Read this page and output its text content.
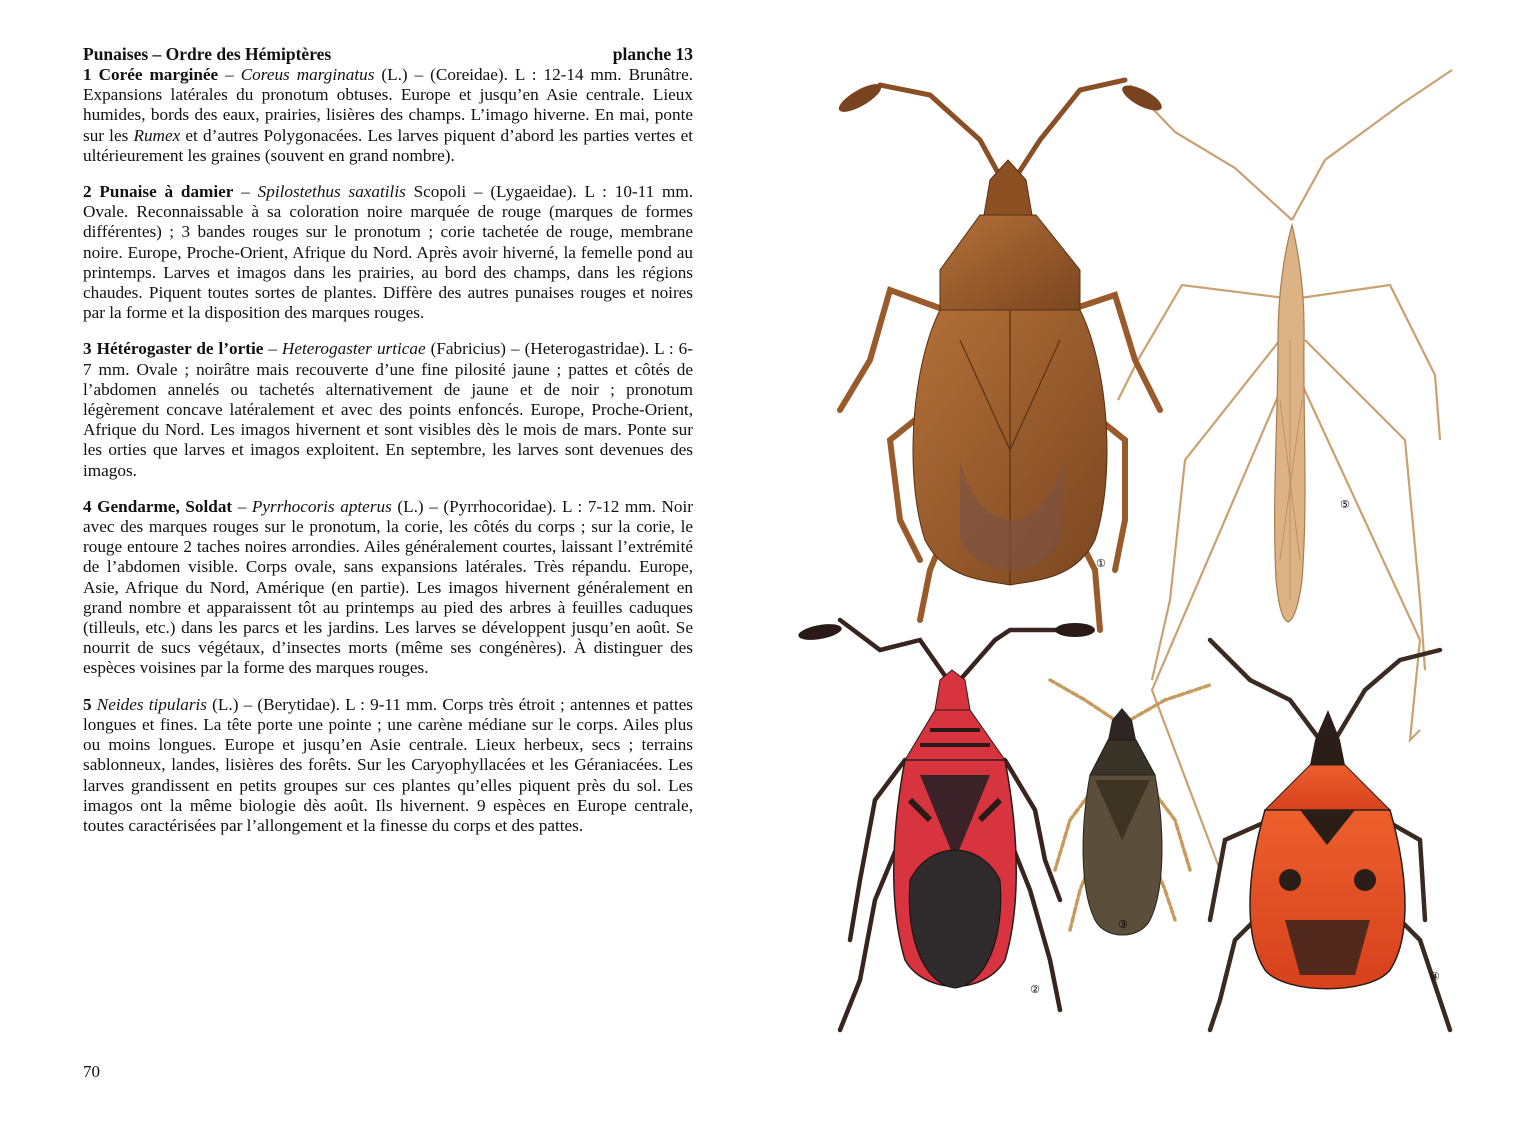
Punaises – Ordre des Hémiptères	planche 13

1 Corée marginée – Coreus marginatus (L.) – (Coreidae). L : 12-14 mm. Brunâtre. Expansions latérales du pronotum obtuses. Europe et jusqu’en Asie centrale. Lieux humides, bords des eaux, prairies, lisières des champs. L’imago hiverne. En mai, ponte sur les Rumex et d’autres Polygonacées. Les larves piquent d’abord les parties vertes et ultérieurement les graines (souvent en grand nombre).

2 Punaise à damier – Spilostethus saxatilis Scopoli – (Lygaeidae). L : 10-11 mm. Ovale. Reconnaissable à sa coloration noire marquée de rouge (marques de formes différentes) ; 3 bandes rouges sur le pronotum ; corie tachetée de rouge, membrane noire. Europe, Proche-Orient, Afrique du Nord. Après avoir hiverné, la femelle pond au printemps. Larves et imagos dans les prairies, au bord des champs, dans les régions chaudes. Piquent toutes sortes de plantes. Diffère des autres punaises rouges et noires par la forme et la disposition des marques rouges.

3 Hétérogaster de l’ortie – Heterogaster urticae (Fabricius) – (Heterogastridae). L : 6-7 mm. Ovale ; noirâtre mais recouverte d’une fine pilosité jaune ; pattes et côtés de l’abdomen annelés ou tachetés alternativement de jaune et de noir ; pronotum légèrement concave latéralement et avec des points enfoncés. Europe, Proche-Orient, Afrique du Nord. Les imagos hivernent et sont visibles dès le mois de mars. Ponte sur les orties que larves et imagos exploitent. En septembre, les larves sont devenues des imagos.

4 Gendarme, Soldat – Pyrrhocoris apterus (L.) – (Pyrrhocoridae). L : 7-12 mm. Noir avec des marques rouges sur le pronotum, la corie, les côtés du corps ; sur la corie, le rouge entoure 2 taches noires arrondies. Ailes généralement courtes, laissant l’extrémité de l’abdomen visible. Corps ovale, sans expansions latérales. Très répandu. Europe, Asie, Afrique du Nord, Amérique (en partie). Les imagos hivernent généralement en grand nombre et apparaissent tôt au printemps au pied des arbres à feuilles caduques (tilleuls, etc.) dans les parcs et les jardins. Les larves se développent jusqu’en août. Se nourrit de sucs végétaux, d’insectes morts (même ses congénères). À distinguer des espèces voisines par la forme des marques rouges.

5 Neides tipularis (L.) – (Berytidae). L : 9-11 mm. Corps très étroit ; antennes et pattes longues et fines. La tête porte une pointe ; une carène médiane sur le corps. Ailes plus ou moins longues. Europe et jusqu’en Asie centrale. Lieux herbeux, secs ; terrains sablonneux, landes, lisières des forêts. Sur les Caryophyllacées et les Géraniacées. Les larves grandissent en petits groupes sur ces plantes qu’elles piquent près du sol. Les imagos ont la même biologie dès août. Ils hivernent. 9 espèces en Europe centrale, toutes caractérisées par l’allongement et la finesse du corps et des pattes.

70
①
②
③
④
⑤
